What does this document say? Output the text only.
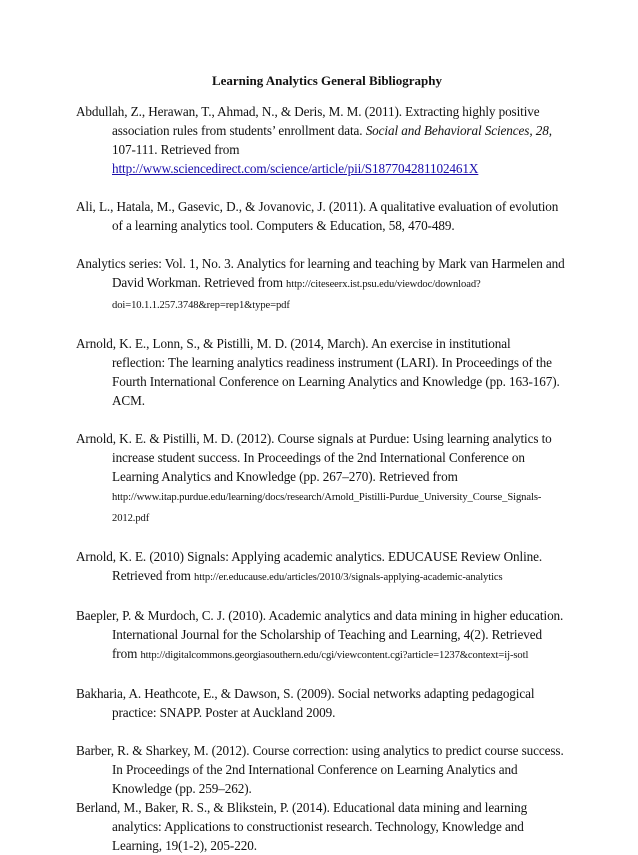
Learning Analytics General Bibliography
Abdullah, Z., Herawan, T., Ahmad, N., & Deris, M. M. (2011). Extracting highly positive association rules from students’ enrollment data. Social and Behavioral Sciences, 28, 107-111. Retrieved from http://www.sciencedirect.com/science/article/pii/S187704281102461X
Ali, L., Hatala, M., Gasevic, D., & Jovanovic, J. (2011). A qualitative evaluation of evolution of a learning analytics tool. Computers & Education, 58, 470-489.
Analytics series: Vol. 1, No. 3. Analytics for learning and teaching by Mark van Harmelen and David Workman. Retrieved from http://citeseerx.ist.psu.edu/viewdoc/download?doi=10.1.1.257.3748&rep=rep1&type=pdf
Arnold, K. E., Lonn, S., & Pistilli, M. D. (2014, March). An exercise in institutional reflection: The learning analytics readiness instrument (LARI). In Proceedings of the Fourth International Conference on Learning Analytics and Knowledge (pp. 163-167). ACM.
Arnold, K. E. & Pistilli, M. D. (2012). Course signals at Purdue: Using learning analytics to increase student success. In Proceedings of the 2nd International Conference on Learning Analytics and Knowledge (pp. 267–270). Retrieved from http://www.itap.purdue.edu/learning/docs/research/Arnold_Pistilli-Purdue_University_Course_Signals-2012.pdf
Arnold, K. E. (2010) Signals: Applying academic analytics. EDUCAUSE Review Online. Retrieved from http://er.educause.edu/articles/2010/3/signals-applying-academic-analytics
Baepler, P. & Murdoch, C. J. (2010). Academic analytics and data mining in higher education. International Journal for the Scholarship of Teaching and Learning, 4(2). Retrieved from http://digitalcommons.georgiasouthern.edu/cgi/viewcontent.cgi?article=1237&context=ij-sotl
Bakharia, A. Heathcote, E., & Dawson, S. (2009). Social networks adapting pedagogical practice: SNAPP. Poster at Auckland 2009.
Barber, R. & Sharkey, M. (2012). Course correction: using analytics to predict course success. In Proceedings of the 2nd International Conference on Learning Analytics and Knowledge (pp. 259–262).
Berland, M., Baker, R. S., & Blikstein, P. (2014). Educational data mining and learning analytics: Applications to constructionist research. Technology, Knowledge and Learning, 19(1-2), 205-220.
